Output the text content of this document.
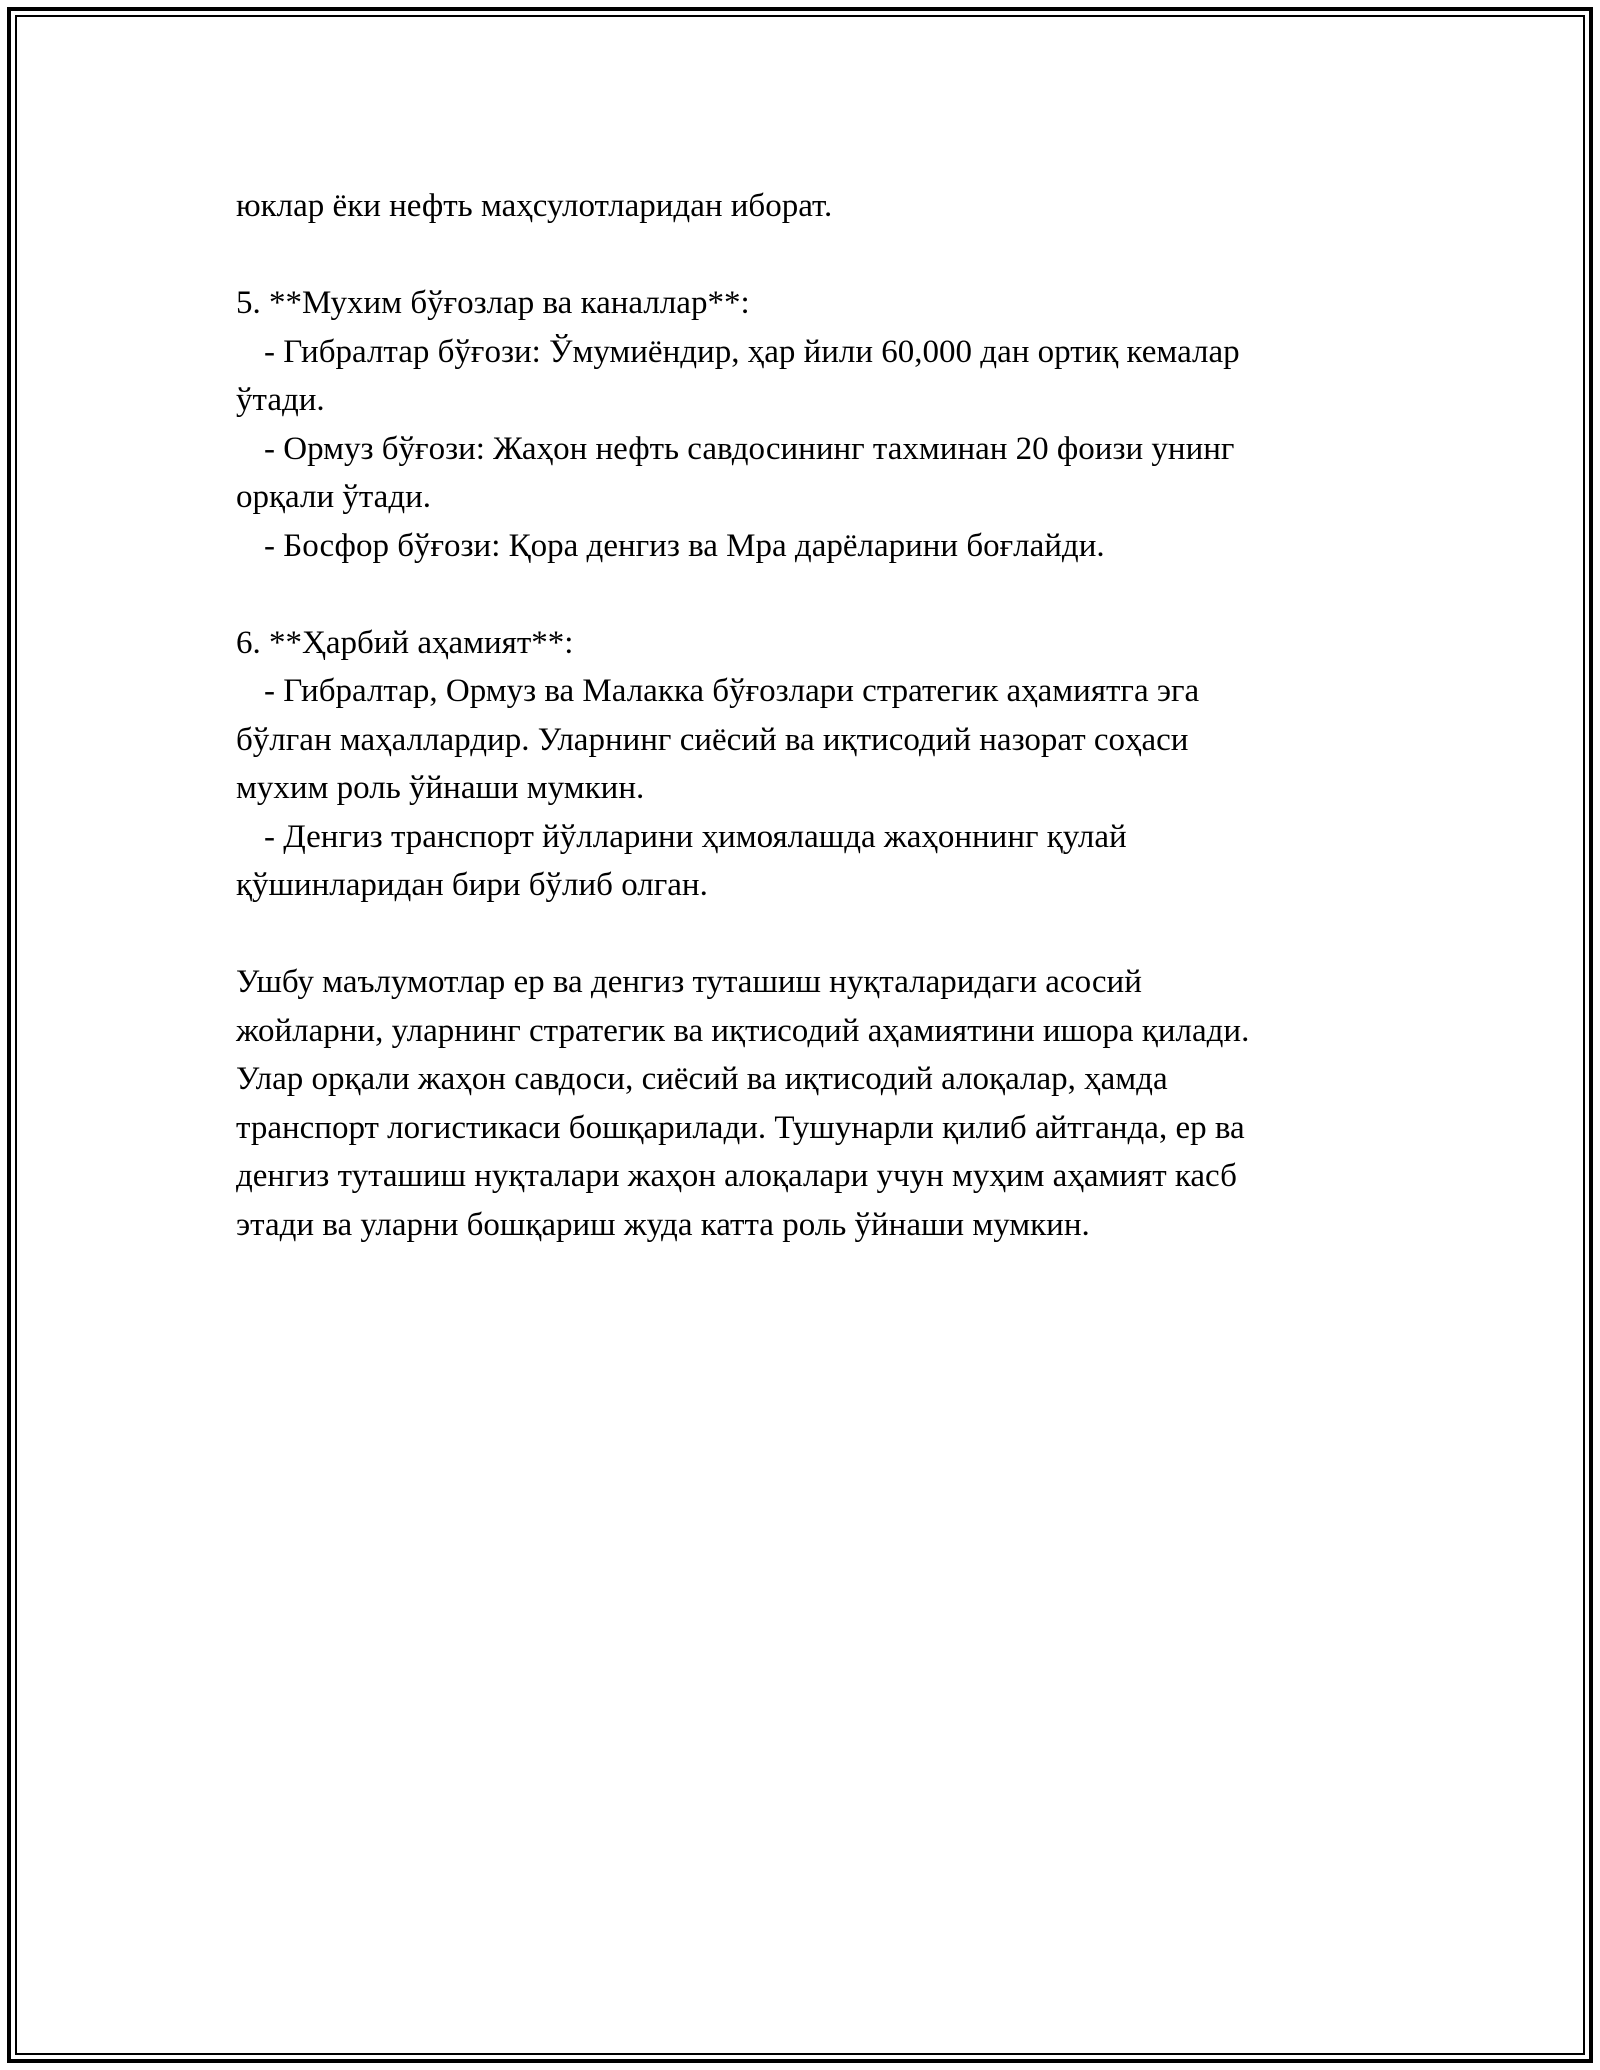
юклар ёки нефть маҳсулотларидан иборат.
5. **Мухим бўғозлар ва каналлар**:
- Гибралтар бўғози: Ўмумиёндир, ҳар йили 60,000 дан ортиқ кемалар
ўтади.
- Ормуз бўғози: Жаҳон нефть савдосининг тахминан 20 фоизи унинг
орқали ўтади.
- Босфор бўғози: Қора денгиз ва Мра дарёларини боғлайди.
6. **Ҳарбий аҳамият**:
- Гибралтар, Ормуз ва Малакка бўғозлари стратегик аҳамиятга эга
бўлган маҳаллардир. Уларнинг сиёсий ва иқтисодий назорат соҳаси
мухим роль ўйнаши мумкин.
- Денгиз транспорт йўлларини ҳимоялашда жаҳоннинг қулай
қўшинларидан бири бўлиб олган.
Ушбу маълумотлар ер ва денгиз туташиш нуқталаридаги асосий
жойларни, уларнинг стратегик ва иқтисодий аҳамиятини ишора қилади.
Улар орқали жаҳон савдоси, сиёсий ва иқтисодий алоқалар, ҳамда
транспорт логистикаси бошқарилади. Тушунарли қилиб айтганда, ер ва
денгиз туташиш нуқталари жаҳон алоқалари учун муҳим аҳамият касб
этади ва уларни бошқариш жуда катта роль ўйнаши мумкин.
